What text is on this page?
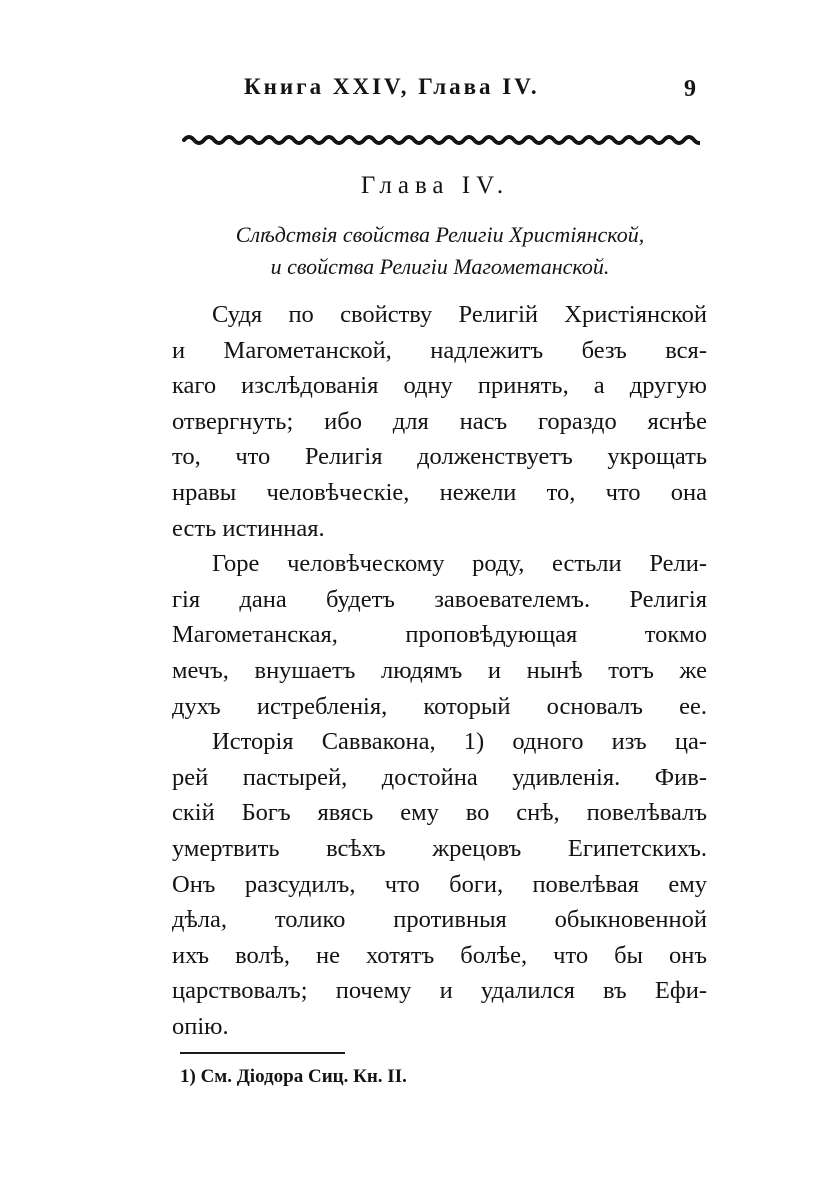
Книга XXIV, Глава IV.	9
Глава IV.
Слѣдствія свойства Религіи Христіянской,
и свойства Религіи Магометанской.
Судя по свойству Религій Христіянской
и Магометанской, надлежитъ безъ вся-
каго изслѣдованія одну принять, а другую
отвергнуть; ибо для насъ гораздо яснѣе
то, что Религія долженствуетъ укрощать
нравы человѣческіе, нежели то, что она
есть истинная.
Горе человѣческому роду, естьли Рели-
гія дана будетъ завоевателемъ. Религія
Магометанская, проповѣдующая токмо
мечъ, внушаетъ людямъ и нынѣ тотъ же
духъ истребленія, который основалъ ее.
Исторія Саввакона, 1) одного изъ ца-
рей пастырей, достойна удивленія. Фив-
скій Богъ явясь ему во снѣ, повелѣвалъ
умертвить всѣхъ жрецовъ Египетскихъ.
Онъ разсудилъ, что боги, повелѣвая ему
дѣла, толико противныя обыкновенной
ихъ волѣ, не хотятъ болѣе, что бы онъ
царствовалъ; почему и удалился въ Ефи-
опію.
1) См. Діодора Сиц. Кн. II.
